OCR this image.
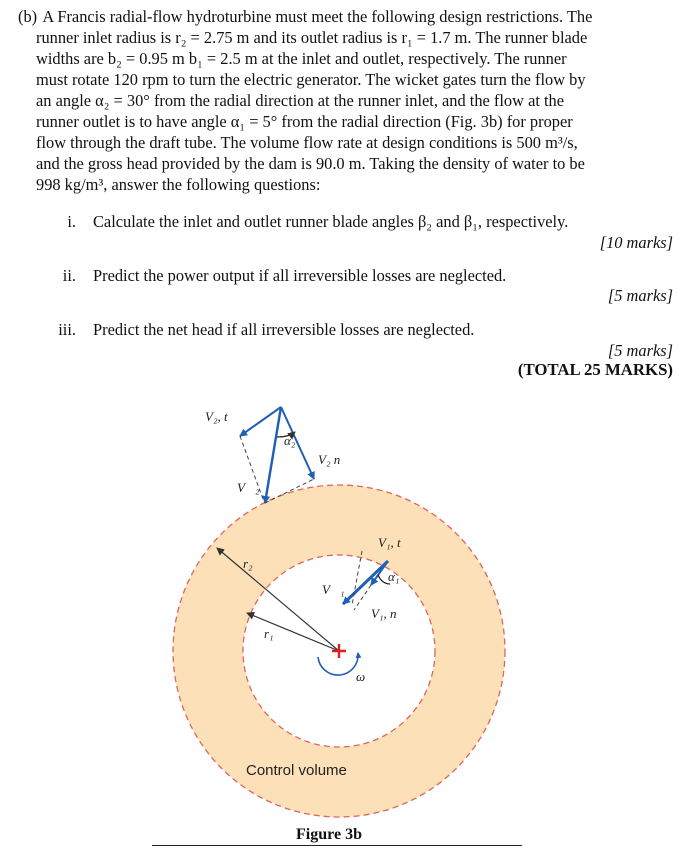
(b) A Francis radial-flow hydroturbine must meet the following design restrictions. The
runner inlet radius is r₂ = 2.75 m and its outlet radius is r₁ = 1.7 m. The runner blade
widths are b₂ = 0.95 m b₁ = 2.5 m at the inlet and outlet, respectively. The runner
must rotate 120 rpm to turn the electric generator. The wicket gates turn the flow by
an angle α₂ = 30° from the radial direction at the runner inlet, and the flow at the
runner outlet is to have angle α₁ = 5° from the radial direction (Fig. 3b) for proper
flow through the draft tube. The volume flow rate at design conditions is 500 m³/s,
and the gross head provided by the dam is 90.0 m. Taking the density of water to be
998 kg/m³, answer the following questions:
i. Calculate the inlet and outlet runner blade angles β₂ and β₁, respectively.
[10 marks]
ii. Predict the power output if all irreversible losses are neglected.
[5 marks]
iii. Predict the net head if all irreversible losses are neglected.
[5 marks]
(TOTAL 25 MARKS)
V₂, t
V₂ n
V⃗₂
α₂
r₂
r₁
V₁, t
V₁, n
V⃗₁
α₁
ω
Control volume
Figure 3b
